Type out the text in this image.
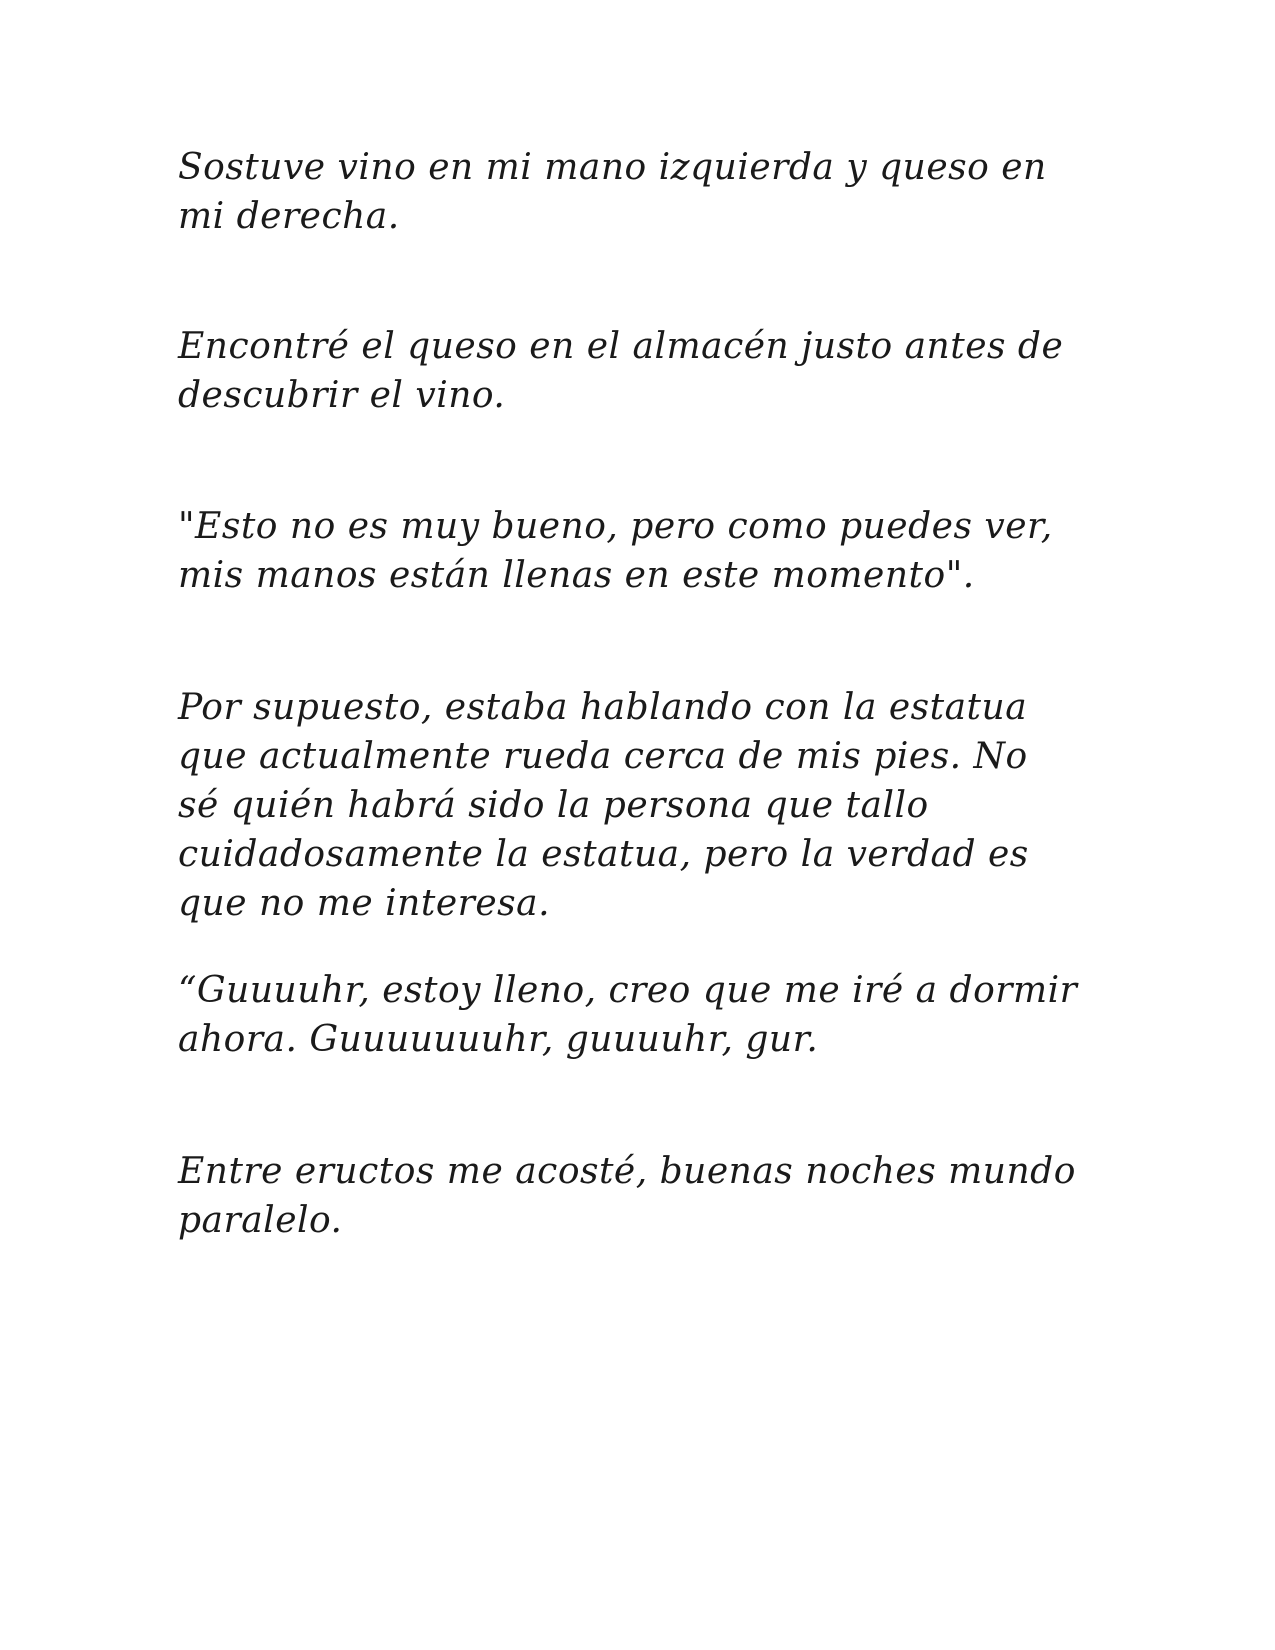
Sostuve vino en mi mano izquierda y queso en mi derecha.

Encontré el queso en el almacén justo antes de descubrir el vino.

"Esto no es muy bueno, pero como puedes ver, mis manos están llenas en este momento".

Por supuesto, estaba hablando con la estatua que actualmente rueda cerca de mis pies. No sé quién habrá sido la persona que tallo cuidadosamente la estatua, pero la verdad es que no me interesa.

“Guuuuhr, estoy lleno, creo que me iré a dormir ahora. Guuuuuuuhr, guuuuhr, gur.

Entre eructos me acosté, buenas noches mundo paralelo.
